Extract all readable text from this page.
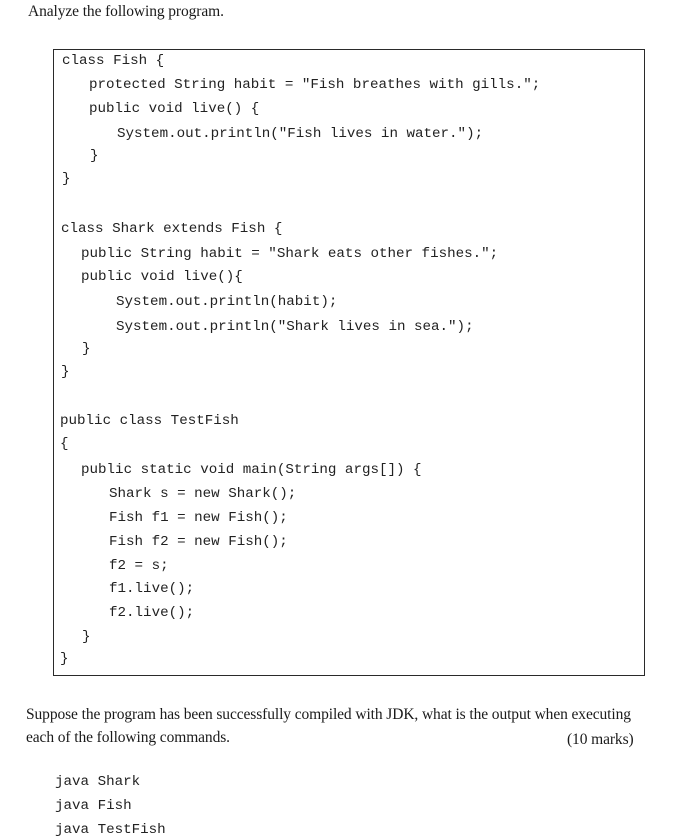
Analyze the following program.
class Fish {
protected String habit = "Fish breathes with gills.";
public void live() {
System.out.println("Fish lives in water.");
}
}
class Shark extends Fish {
public String habit = "Shark eats other fishes.";
public void live(){
System.out.println(habit);
System.out.println("Shark lives in sea.");
}
}
public class TestFish
{
public static void main(String args[]) {
Shark s = new Shark();
Fish f1 = new Fish();
Fish f2 = new Fish();
f2 = s;
f1.live();
f2.live();
}
}
Suppose the program has been successfully compiled with JDK, what is the output when executing
each of the following commands.	(10 marks)
java Shark
java Fish
java TestFish
